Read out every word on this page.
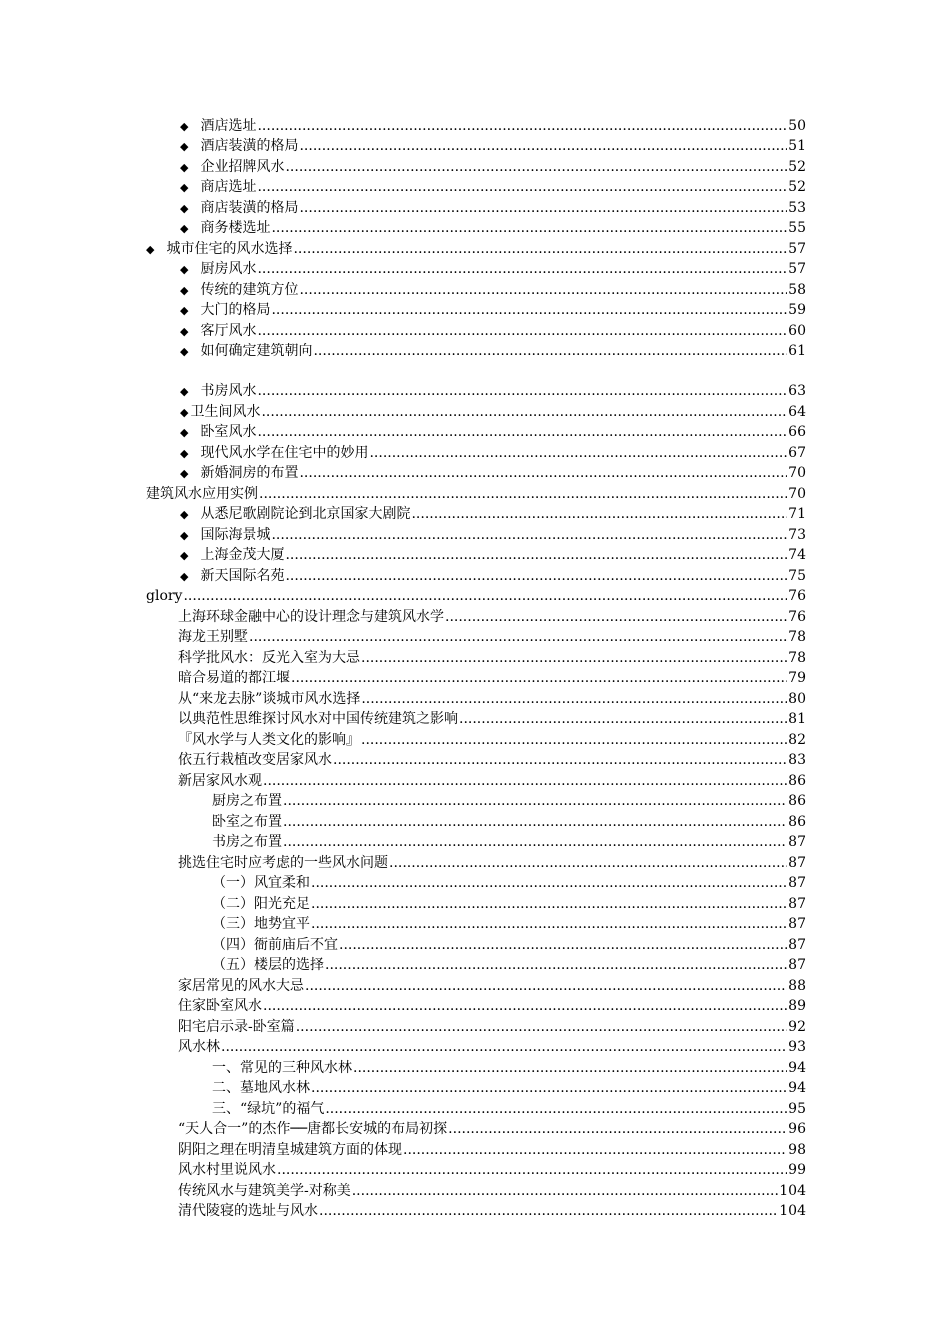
◆ 酒店选址 .....	50
◆ 酒店装潢的格局 .....	51
◆ 企业招牌风水 .....	52
◆ 商店选址 .....	52
◆ 商店装潢的格局 .....	53
◆ 商务楼选址 .....	55
◆ 城市住宅的风水选择 .....	57
◆ 厨房风水 .....	57
◆ 传统的建筑方位 .....	58
◆ 大门的格局 .....	59
◆ 客厅风水 .....	60
◆ 如何确定建筑朝向 .....	61
◆ 书房风水 .....	63
◆ 卫生间风水 .....	64
◆ 卧室风水 .....	66
◆ 现代风水学在住宅中的妙用 .....	67
◆ 新婚洞房的布置 .....	70
建筑风水应用实例 .....	70
◆ 从悉尼歌剧院论到北京国家大剧院 .....	71
◆ 国际海景城 .....	73
◆ 上海金茂大厦 .....	74
◆ 新天国际名苑 .....	75
glory .....	76
上海环球金融中心的设计理念与建筑风水学 .....	76
海龙王别墅 .....	78
科学批风水：反光入室为大忌 .....	78
暗合易道的都江堰 .....	79
从“来龙去脉”谈城市风水选择 .....	80
以典范性思维探讨风水对中国传统建筑之影响 .....	81
『风水学与人类文化的影响』 .....	82
依五行栽植改变居家风水 .....	83
新居家风水观 .....	86
厨房之布置 .....	86
卧室之布置 .....	86
书房之布置 .....	87
挑选住宅时应考虑的一些风水问题 .....	87
（一）风宜柔和 .....	87
（二）阳光充足 .....	87
（三）地势宜平 .....	87
（四）衙前庙后不宜 .....	87
（五）楼层的选择 .....	87
家居常见的风水大忌 .....	88
住家卧室风水 .....	89
阳宅启示录-卧室篇 .....	92
风水林 .....	93
一、常见的三种风水林 .....	94
二、墓地风水林 .....	94
三、“绿坑”的福气 .....	95
“天人合一”的杰作──唐都长安城的布局初探 .....	96
阴阳之理在明清皇城建筑方面的体现 .....	98
风水村里说风水 .....	99
传统风水与建筑美学-对称美 .....	104
清代陵寝的选址与风水 .....	104
